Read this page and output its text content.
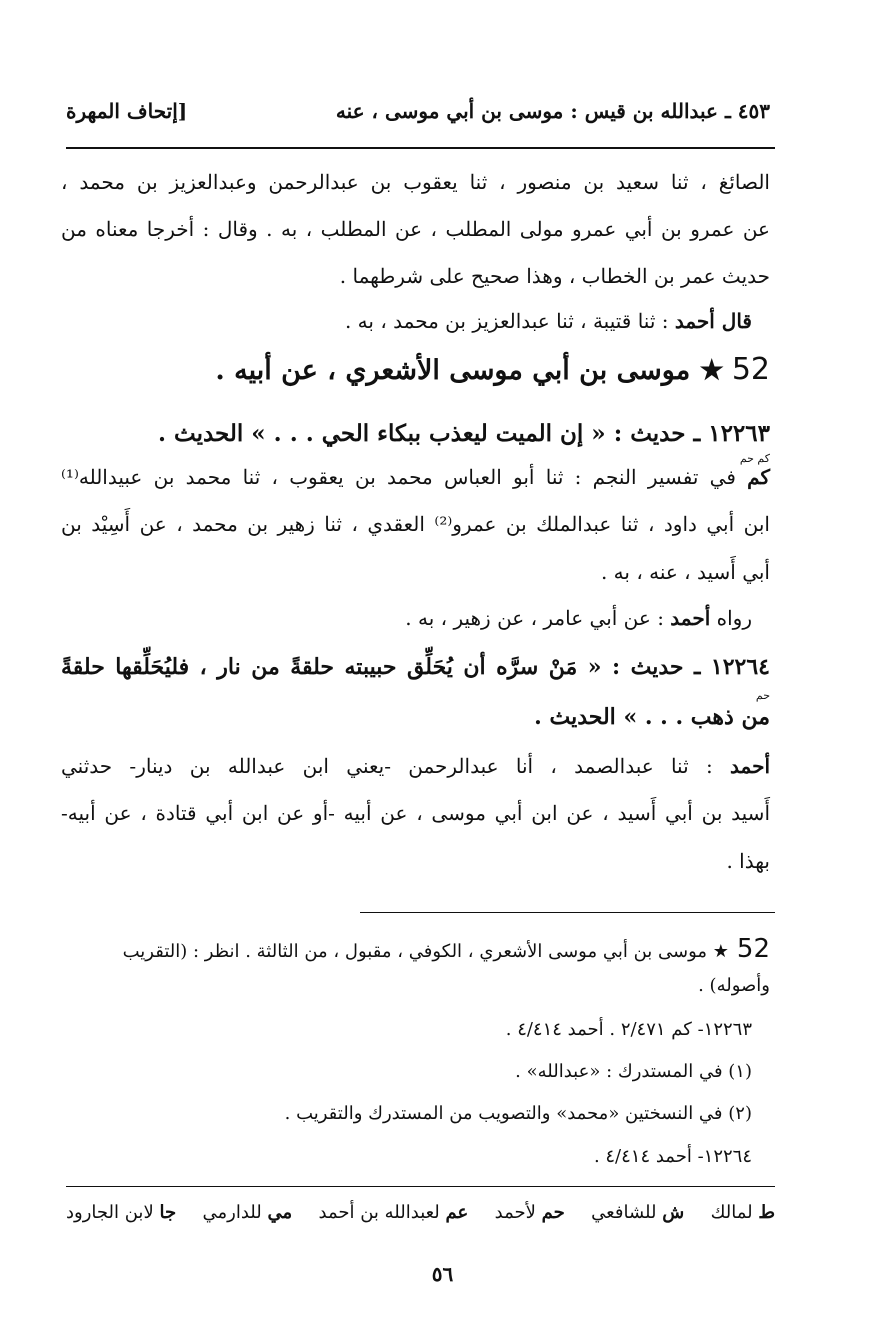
٤٥٣ ـ عبدالله بن قيس : موسى بن أبي موسى ، عنه
[إتحاف المهرة
الصائغ ، ثنا سعيد بن منصور ، ثنا يعقوب بن عبدالرحمن وعبدالعزيز بن محمد ،
عن عمرو بن أبي عمرو مولى المطلب ، عن المطلب ، به . وقال : أخرجا معناه من
حديث عمر بن الخطاب ، وهذا صحيح على شرطهما .
قال أحمد : ثنا قتيبة ، ثنا عبدالعزيز بن محمد ، به .
52★ موسى بن أبي موسى الأشعري ، عن أبيه .
١٢٢٦٣ ـ حديث : « إن الميت ليعذب ببكاء الحي . . . » الحديث .
كم حم
كم في تفسير النجم : ثنا أبو العباس محمد بن يعقوب ، ثنا محمد بن عبيدالله⁽¹⁾
ابن أبي داود ، ثنا عبدالملك بن عمرو⁽²⁾ العقدي ، ثنا زهير بن محمد ، عن أَسِيْد بن
أبي أَسيد ، عنه ، به .
رواه أحمد : عن أبي عامر ، عن زهير ، به .
١٢٢٦٤ ـ حديث : « مَنْ سرَّه أن يُحَلِّق حبيبته حلقةً من نار ، فليُحَلِّقها حلقةً
حم
من ذهب . . . » الحديث .
أحمد : ثنا عبدالصمد ، أنا عبدالرحمن -يعني ابن عبدالله بن دينار- حدثني
أَسيد بن أبي أَسيد ، عن ابن أبي موسى ، عن أبيه -أو عن ابن أبي قتادة ، عن أبيه-
بهذا .
52★ موسى بن أبي موسى الأشعري ، الكوفي ، مقبول ، من الثالثة . انظر : (التقريب
وأصوله) .
١٢٢٦٣- كم ٢/٤٧١ . أحمد ٤/٤١٤ .
(١) في المستدرك : «عبدالله» .
(٢) في النسختين «محمد» والتصويب من المستدرك والتقريب .
١٢٢٦٤- أحمد ٤/٤١٤ .
ط لمالك
ش للشافعي
حم لأحمد
عم لعبدالله بن أحمد
مي للدارمي
جا لابن الجارود
٥٦
